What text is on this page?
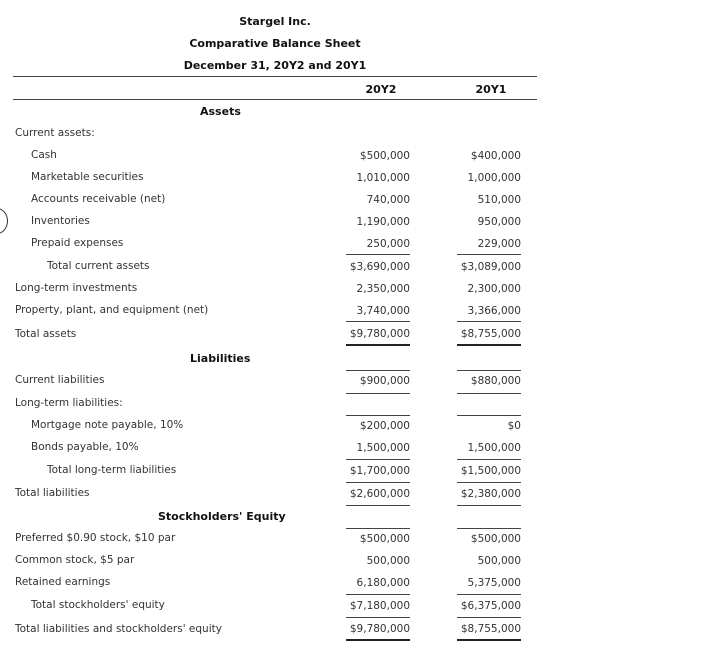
Stargel Inc.
Comparative Balance Sheet
December 31, 20Y2 and 20Y1
20Y2	20Y1
Assets
Current assets:
Cash	$500,000	$400,000
Marketable securities	1,010,000	1,000,000
Accounts receivable (net)	740,000	510,000
Inventories	1,190,000	950,000
Prepaid expenses	250,000	229,000
Total current assets	$3,690,000	$3,089,000
Long-term investments	2,350,000	2,300,000
Property, plant, and equipment (net)	3,740,000	3,366,000
Total assets	$9,780,000	$8,755,000
Liabilities
Current liabilities	$900,000	$880,000
Long-term liabilities:
Mortgage note payable, 10%	$200,000	$0
Bonds payable, 10%	1,500,000	1,500,000
Total long-term liabilities	$1,700,000	$1,500,000
Total liabilities	$2,600,000	$2,380,000
Stockholders' Equity
Preferred $0.90 stock, $10 par	$500,000	$500,000
Common stock, $5 par	500,000	500,000
Retained earnings	6,180,000	5,375,000
Total stockholders' equity	$7,180,000	$6,375,000
Total liabilities and stockholders' equity	$9,780,000	$8,755,000
